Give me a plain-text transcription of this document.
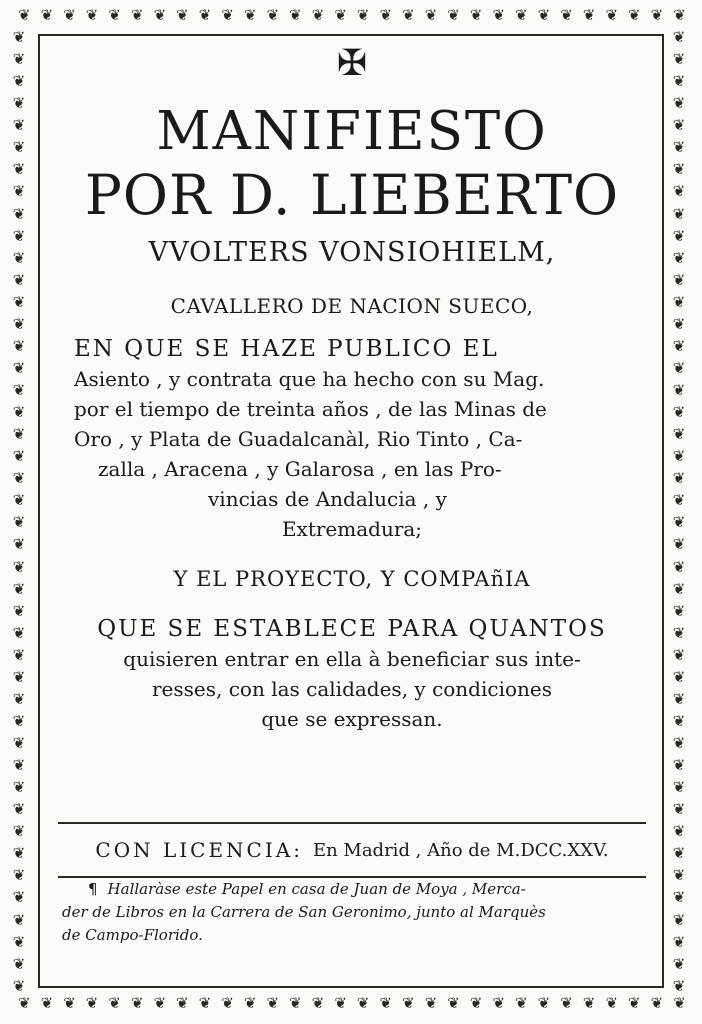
❦ ❦ ❦ ❦ ❦ ❦ ❦ ❦ ❦ ❦ ❦ ❦ ❦ ❦ ❦ ❦ ❦ ❦ ❦ ❦ ❦ ❦ ❦ ❦ ❦ ❦ ❦ ❦ ❦ ❦
❦ ❦ ❦ ❦ ❦ ❦ ❦ ❦ ❦ ❦ ❦ ❦ ❦ ❦ ❦ ❦ ❦ ❦ ❦ ❦ ❦ ❦ ❦ ❦ ❦ ❦ ❦ ❦ ❦ ❦
❦
❦
❦
❦
❦
❦
❦
❦
❦
❦
❦
❦
❦
❦
❦
❦
❦
❦
❦
❦
❦
❦
❦
❦
❦
❦
❦
❦
❦
❦
❦
❦
❦
❦
❦
❦
❦
❦
❦
❦
❦
❦
❦
❦
❦
❦
❦
❦
❦
❦
❦
❦
❦
❦
❦
❦
❦
❦
❦
❦
❦
❦
❦
❦
❦
❦
❦
❦
❦
❦
❦
❦
❦
❦
❦
❦
❦
❦
❦
❦
❦
❦
❦
❦
❦
❦
❦
❦
✠
MANIFIESTO
POR D. LIEBERTO
VVOLTERS VONSIOHIELM,
CAVALLERO DE NACION SUECO,
EN QUE SE HAZE PUBLICO EL
Asiento , y contrata que ha hecho con su Mag.
por el tiempo de treinta años , de las Minas de
Oro , y Plata de Guadalcanàl, Rio Tinto , Ca-
zalla , Aracena , y Galarosa , en las Pro-
vincias de Andalucia , y
Extremadura;
Y EL PROYECTO, Y COMPAñIA
QUE SE ESTABLECE PARA QUANTOS
quisieren entrar en ella à beneficiar sus inte-
resses, con las calidades, y condiciones
que se expressan.
CON LICENCIA: En Madrid , Año de M.DCC.XXV.
¶ Hallaràse este Papel en casa de Juan de Moya , Merca-
der de Libros en la Carrera de San Geronimo, junto al Marquès
de Campo-Florido.
